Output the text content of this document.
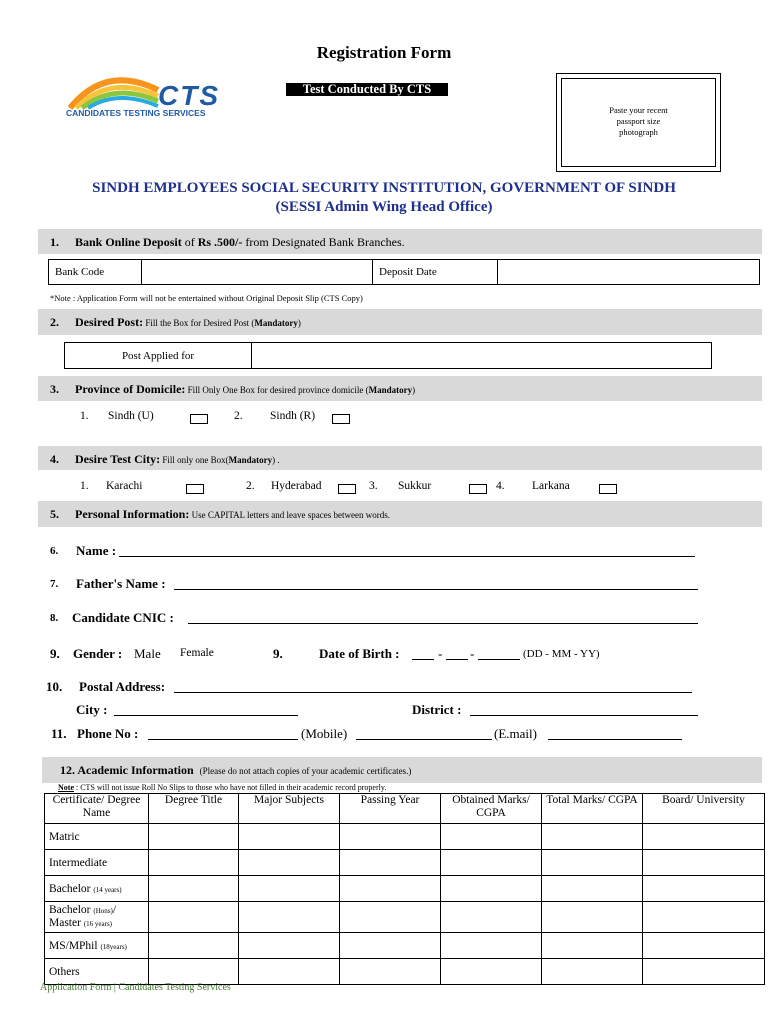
Registration Form
CTS
CANDIDATES TESTING SERVICES
Test Conducted By CTS
Paste your recent
passport size
photograph
SINDH EMPLOYEES SOCIAL SECURITY INSTITUTION, GOVERNMENT OF SINDH
(SESSI Admin Wing Head Office)
1. Bank Online Deposit of Rs .500/- from Designated Bank Branches.
Bank Code		Deposit Date	
*Note : Application Form will not be entertained without Original Deposit Slip (CTS Copy)
2. Desired Post: Fill the Box for Desired Post (Mandatory)
Post Applied for	
3. Province of Domicile: Fill Only One Box for desired province domicile (Mandatory)
1. Sindh (U)	2. Sindh (R)
4. Desire Test City: Fill only one Box(Mandatory) .
1. Karachi	2. Hyderabad	3. Sukkur	4. Larkana
5. Personal Information: Use CAPITAL letters and leave spaces between words.
6. Name :
7. Father's Name :
8. Candidate CNIC :
9. Gender : Male Female	9.	Date of Birth :	- -	(DD - MM - YY)
10. Postal Address:
City :	District :
11. Phone No :	(Mobile)	(E.mail)
12. Academic Information (Please do not attach copies of your academic certificates.)
Note : CTS will not issue Roll No Slips to those who have not filled in their academic record properly.
Certificate/ Degree Name	Degree Title	Major Subjects	Passing Year	Obtained Marks/ CGPA	Total Marks/ CGPA	Board/ University
Matric						
Intermediate						
Bachelor (14 years)						
Bachelor (Hons)/
Master (16 years)						
MS/MPhil (18years)						
Others						
Application Form | Candidates Testing Services
